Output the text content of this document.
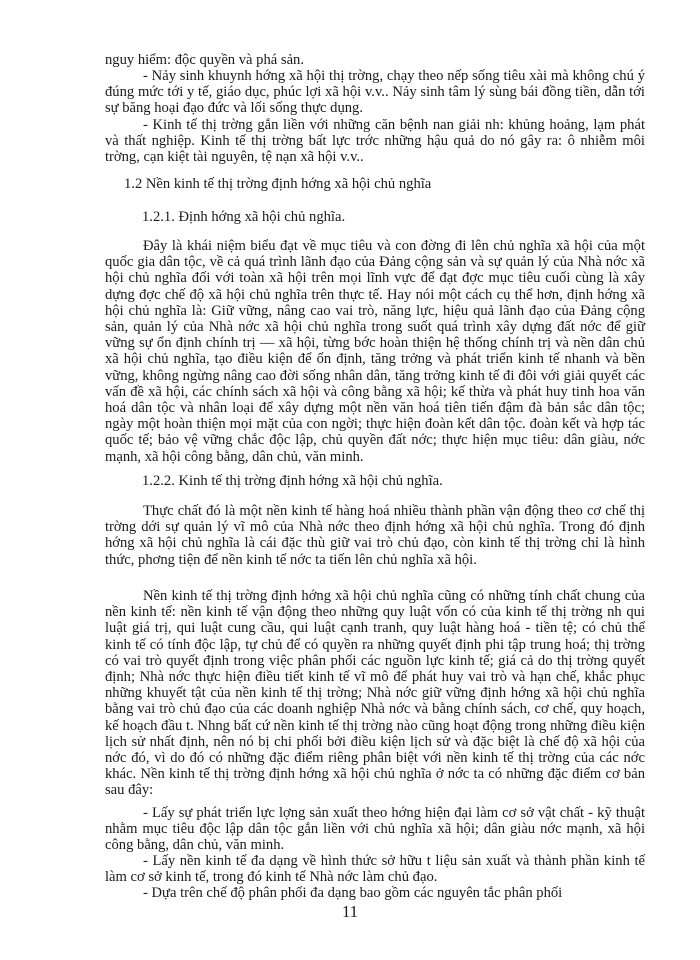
nguy hiểm: độc quyền và phá sản.

- Nảy sinh khuynh hớng xã hội thị trờng, chạy theo nếp sống tiêu xài mà không chú ý đúng mức tới y tế, giáo dục, phúc lợi xã hội v.v.. Nảy sinh tâm lý sùng bái đồng tiền, dẫn tới sự băng hoại đạo đức và lối sống thực dụng.

- Kinh tế thị trờng gắn liền với những căn bệnh nan giải nh: khủng hoảng, lạm phát và thất nghiệp. Kinh tế thị trờng bất lực trớc những hậu quả do nó gây ra: ô nhiễm môi trờng, cạn kiệt tài nguyên, tệ nạn xã hội v.v..

1.2 Nền kinh tế thị trờng định hớng xã hội chủ nghĩa

1.2.1. Định hớng xã hội chủ nghĩa.

Đây là khái niệm biểu đạt về mục tiêu và con đờng đi lên chủ nghĩa xã hội của một quốc gia dân tộc, về cả quá trình lãnh đạo của Đảng cộng sản và sự quản lý của Nhà nớc xã hội chủ nghĩa đối với toàn xã hội trên mọi lĩnh vực để đạt đợc mục tiêu cuối cùng là xây dựng đợc chế độ xã hội chủ nghĩa trên thực tế. Hay nói một cách cụ thể hơn, định hớng xã hội chủ nghĩa là: Giữ vững, nâng cao vai trò, năng lực, hiệu quả lãnh đạo của Đảng cộng sản, quản lý của Nhà nớc xã hội chủ nghĩa trong suốt quá trình xây dựng đất nớc để giữ vững sự ổn định chính trị — xã hội, từng bớc hoàn thiện hệ thống chính trị và nền dân chủ xã hội chủ nghĩa, tạo điều kiện để ổn định, tăng trởng và phát triển kinh tế nhanh và bền vững, không ngừng nâng cao đời sống nhân dân, tăng trởng kinh tế đi đôi với giải quyết các vấn đề xã hội, các chính sách xã hội và công bằng xã hội; kế thừa và phát huy tinh hoa văn hoá dân tộc và nhân loại để xây dựng một nền văn hoá tiên tiến đậm đà bản sắc dân tộc; ngày một hoàn thiện mọi mặt của con ngời; thực hiện đoàn kết dân tộc. đoàn kết và hợp tác quốc tế; bảo vệ vững chắc độc lập, chủ quyền đất nớc; thực hiện mục tiêu: dân giàu, nớc mạnh, xã hội công bằng, dân chủ, văn minh.

1.2.2. Kinh tế thị trờng định hớng xã hội chủ nghĩa.

Thực chất đó là một nền kinh tế hàng hoá nhiều thành phần vận động theo cơ chế thị trờng dới sự quản lý vĩ mô của Nhà nớc theo định hớng xã hội chủ nghĩa. Trong đó định hớng xã hội chủ nghĩa là cái đặc thù giữ vai trò chủ đạo, còn kinh tế thị trờng chỉ là hình thức, phơng tiện để nền kinh tế nớc ta tiến lên chủ nghĩa xã hội.

Nền kinh tế thị trờng định hớng xã hội chủ nghĩa cũng có những tính chất chung của nền kinh tế: nền kinh tế vận động theo những quy luật vốn có của kinh tế thị trờng nh qui luật giá trị, qui luật cung cầu, qui luật cạnh tranh, quy luật hàng hoá - tiền tệ; có chủ thể kinh tế có tính độc lập, tự chủ để có quyền ra những quyết định phi tập trung hoá; thị trờng có vai trò quyết định trong việc phân phối các nguồn lực kinh tế; giá cả do thị trờng quyết định; Nhà nớc thực hiện điều tiết kinh tế vĩ mô để phát huy vai trò và hạn chế, khắc phục những khuyết tật của nền kinh tế thị trờng; Nhà nớc giữ vững định hớng xã hội chủ nghĩa bằng vai trò chủ đạo của các doanh nghiệp Nhà nớc và bằng chính sách, cơ chế, quy hoạch, kế hoạch đầu t. Nhng bất cứ nền kinh tế thị trờng nào cũng hoạt động trong những điều kiện lịch sử nhất định, nên nó bị chi phối bởi điều kiện lịch sử và đặc biệt là chế độ xã hội của nớc đó, vì do đó có những đặc điểm riêng phân biệt với nền kinh tế thị trờng của các nớc khác. Nền kinh tế thị trờng định hớng xã hội chủ nghĩa ở nớc ta có những đặc điểm cơ bản sau đây:

- Lấy sự phát triển lực lợng sản xuất theo hớng hiện đại làm cơ sở vật chất - kỹ thuật nhằm mục tiêu độc lập dân tộc gắn liền với chủ nghĩa xã hội; dân giàu nớc mạnh, xã hội công bằng, dân chủ, văn minh.

- Lấy nền kinh tế đa dạng về hình thức sở hữu t liệu sản xuất và thành phần kinh tế làm cơ sở kinh tế, trong đó kinh tế Nhà nớc làm chủ đạo.

- Dựa trên chế độ phân phối đa dạng bao gồm các nguyên tắc phân phối

11
